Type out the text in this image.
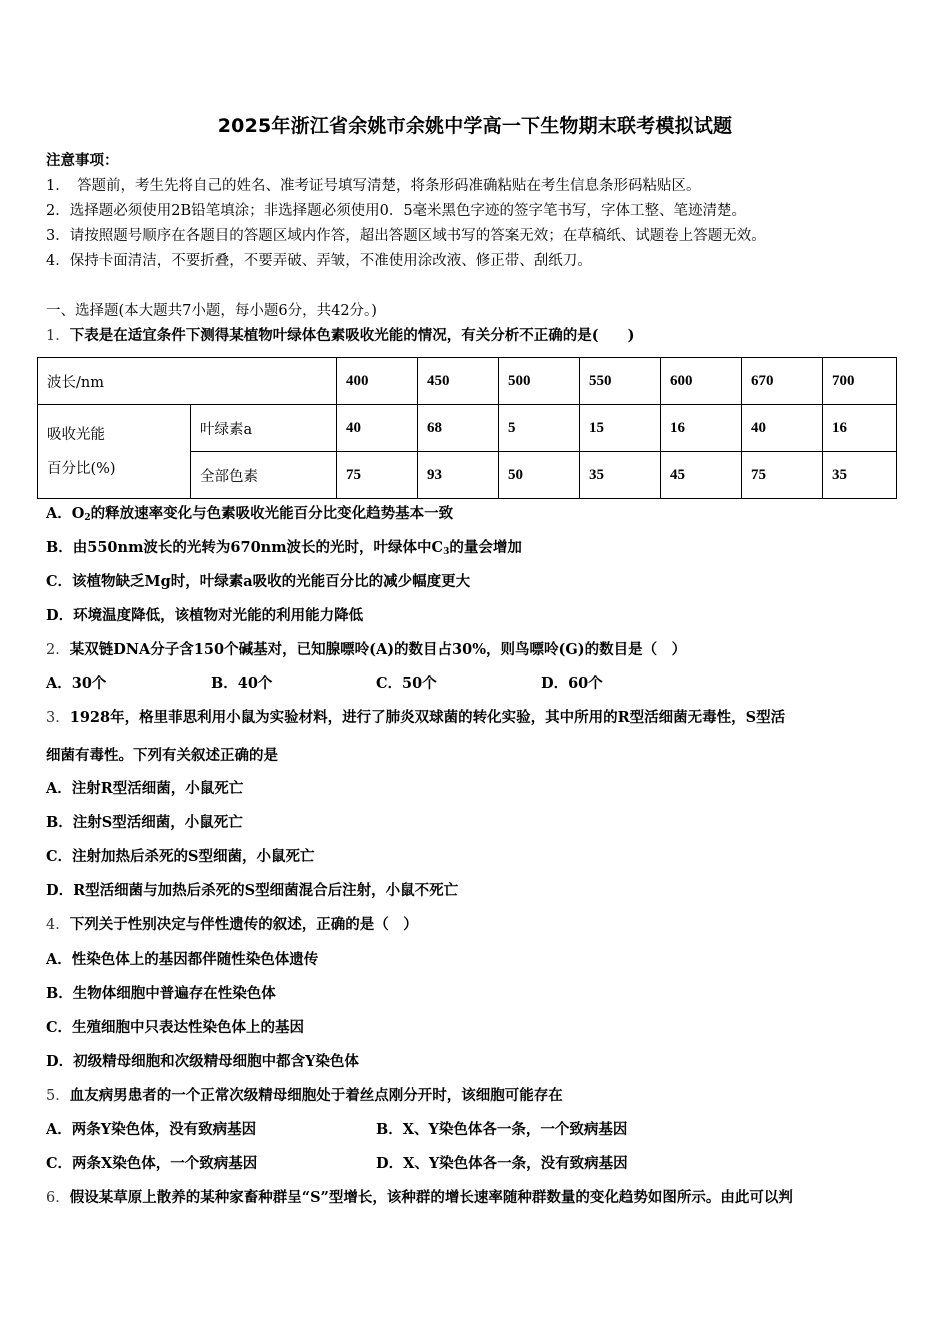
2025年浙江省余姚市余姚中学高一下生物期末联考模拟试题
注意事项：
1．　答题前，考生先将自己的姓名、准考证号填写清楚，将条形码准确粘贴在考生信息条形码粘贴区。
2．选择题必须使用2B铅笔填涂；非选择题必须使用0．5毫米黑色字迹的签字笔书写，字体工整、笔迹清楚。
3．请按照题号顺序在各题目的答题区域内作答，超出答题区域书写的答案无效；在草稿纸、试题卷上答题无效。
4．保持卡面清洁，不要折叠，不要弄破、弄皱，不准使用涂改液、修正带、刮纸刀。
一、选择题(本大题共7小题，每小题6分，共42分。)
1．下表是在适宜条件下测得某植物叶绿体色素吸收光能的情况，有关分析不正确的是(　　)
波长/nm		400	450	500	550	600	670	700
吸收光能
百分比(%)	叶绿素a	40	68	5	15	16	40	16
	全部色素	75	93	50	35	45	75	35
A．$O_2$的释放速率变化与色素吸收光能百分比变化趋势基本一致
B．由550nm波长的光转为670nm波长的光时，叶绿体中$C_3$的量会增加
C．该植物缺乏Mg时，叶绿素a吸收的光能百分比的减少幅度更大
D．环境温度降低，该植物对光能的利用能力降低
2．某双链DNA分子含150个碱基对，已知腺嘌呤(A)的数目占30%，则鸟嘌呤(G)的数目是（　）
A．30个	B．40个	C．50个	D．60个
3．1928年，格里菲思利用小鼠为实验材料，进行了肺炎双球菌的转化实验，其中所用的R型活细菌无毒性，S型活
细菌有毒性。下列有关叙述正确的是
A．注射R型活细菌，小鼠死亡
B．注射S型活细菌，小鼠死亡
C．注射加热后杀死的S型细菌，小鼠死亡
D．R型活细菌与加热后杀死的S型细菌混合后注射，小鼠不死亡
4．下列关于性别决定与伴性遗传的叙述，正确的是（　）
A．性染色体上的基因都伴随性染色体遗传
B．生物体细胞中普遍存在性染色体
C．生殖细胞中只表达性染色体上的基因
D．初级精母细胞和次级精母细胞中都含Y染色体
5．血友病男患者的一个正常次级精母细胞处于着丝点刚分开时，该细胞可能存在
A．两条Y染色体，没有致病基因	B．X、Y染色体各一条，一个致病基因
C．两条X染色体，一个致病基因	D．X、Y染色体各一条，没有致病基因
6．假设某草原上散养的某种家畜种群呈“S”型增长，该种群的增长速率随种群数量的变化趋势如图所示。由此可以判
